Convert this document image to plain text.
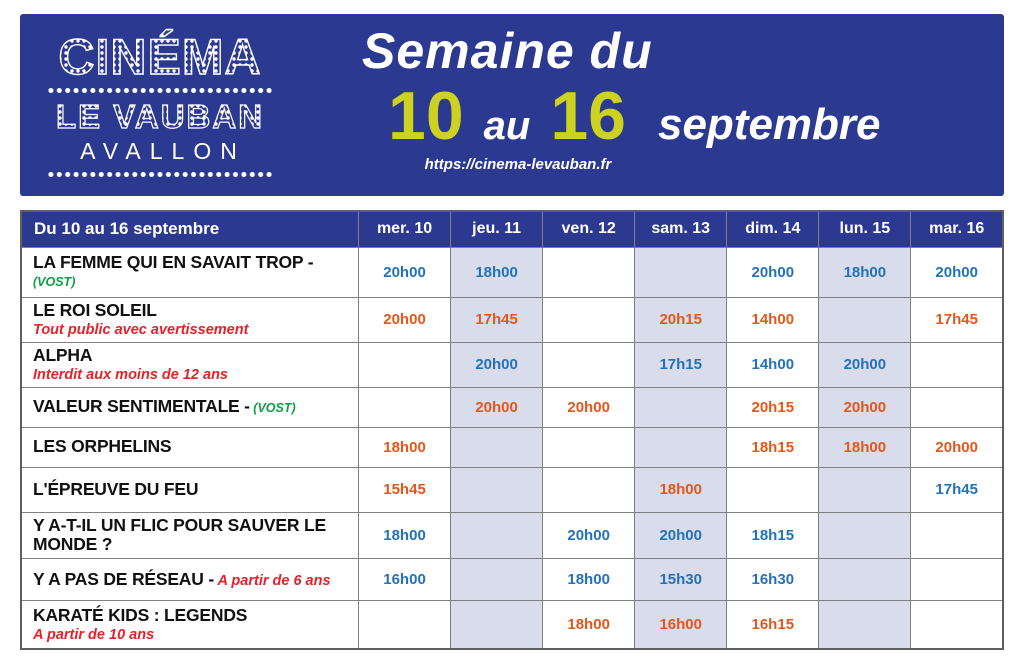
CINÉMA
LE VAUBAN
AVALLON
Semaine du
10 au 16 septembre
https://cinema-levauban.fr
Du 10 au 16 septembre	mer. 10	jeu. 11	ven. 12	sam. 13	dim. 14	lun. 15	mar. 16
LA FEMME QUI EN SAVAIT TROP - (VOST)	20h00	18h00			20h00	18h00	20h00
LE ROI SOLEIL
Tout public avec avertissement	20h00	17h45		20h15	14h00		17h45
ALPHA
Interdit aux moins de 12 ans		20h00		17h15	14h00	20h00	
VALEUR SENTIMENTALE - (VOST)		20h00	20h00		20h15	20h00	
LES ORPHELINS	18h00				18h15	18h00	20h00
L'ÉPREUVE DU FEU	15h45			18h00			17h45
Y A-T-IL UN FLIC POUR SAUVER LE MONDE ?	18h00		20h00	20h00	18h15		
Y A PAS DE RÉSEAU - A partir de 6 ans	16h00		18h00	15h30	16h30		
KARATÉ KIDS : LEGENDS
A partir de 10 ans			18h00	16h00	16h15		
